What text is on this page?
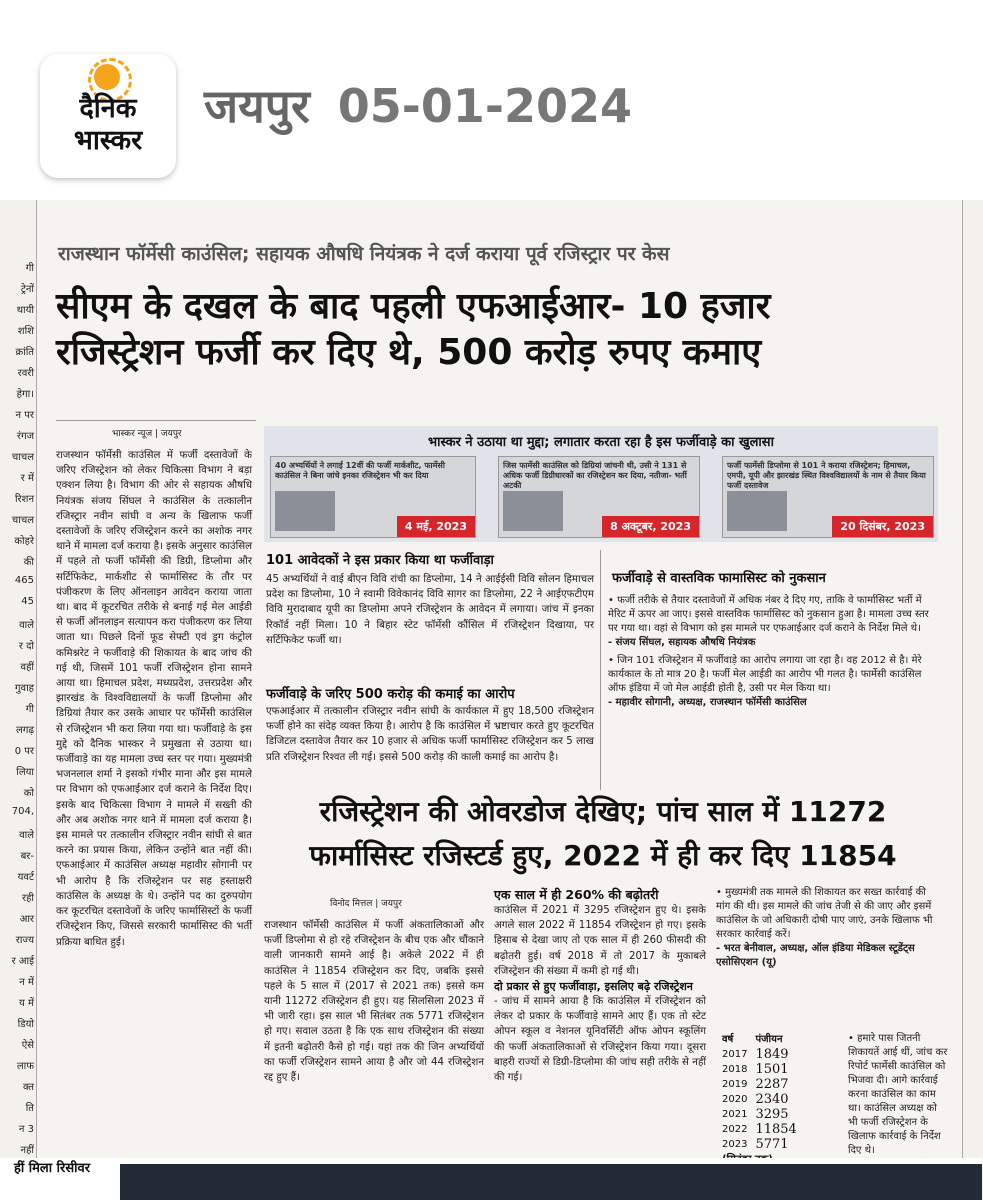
दैनिक
भास्कर
जयपुर 05-01-2024
गी
ट्रेनों
थायी
शशि
क्रांति
रवरी
हेगा।
न पर
रंगज
चाचल
र में
रिशन
चाचल
कोहरे
की
465
45
वाले
र दो
वहीं
गुवाह
गी
लगढ़
0 पर
लिया
को
704,
वाले
बर-
यवर्ट
रही
आर
राज्य
र आई
न में
य में
डियो
ऐसे
लाफ
क्त
ति
न 3
नहीं
राजस्थान फॉर्मेसी काउंसिल; सहायक औषधि नियंत्रक ने दर्ज कराया पूर्व रजिस्ट्रार पर केस
सीएम के दखल के बाद पहली एफआईआर- 10 हजार
रजिस्ट्रेशन फर्जी कर दिए थे, 500 करोड़ रुपए कमाए
भास्कर न्यूज | जयपुर
राजस्थान फॉर्मेसी काउंसिल में फर्जी दस्तावेजों के जरिए रजिस्ट्रेशन को लेकर चिकित्सा विभाग ने बड़ा एक्शन लिया है। विभाग की ओर से सहायक औषधि नियंत्रक संजय सिंघल ने काउंसिल के तत्कालीन रजिस्ट्रार नवीन सांघी व अन्य के खिलाफ फर्जी दस्तावेजों के जरिए रजिस्ट्रेशन करने का अशोक नगर थाने में मामला दर्ज कराया है। इसके अनुसार काउंसिल में पहले तो फर्जी फॉर्मेसी की डिग्री, डिप्लोमा और सर्टिफिकेट, मार्कशीट से फार्मासिस्ट के तौर पर पंजीकरण के लिए ऑनलाइन आवेदन कराया जाता था। बाद में कूटरचित तरीके से बनाई गई मेल आईडी से फर्जी ऑनलाइन सत्यापन करा पंजीकरण कर लिया जाता था। पिछले दिनों फूड सेफ्टी एवं ड्रग कंट्रोल कमिश्नरेट ने फर्जीवाड़े की शिकायत के बाद जांच की गई थी, जिसमें 101 फर्जी रजिस्ट्रेशन होना सामने आया था। हिमाचल प्रदेश, मध्यप्रदेश, उत्तरप्रदेश और झारखंड के विश्वविद्यालयों के फर्जी डिप्लोमा और डिग्रियां तैयार कर उसके आधार पर फॉर्मेसी काउंसिल से रजिस्ट्रेशन भी करा लिया गया था। फर्जीवाड़े के इस मुद्दे को दैनिक भास्कर ने प्रमुखता से उठाया था। फर्जीवाड़े का यह मामला उच्च स्तर पर गया। मुख्यमंत्री भजनलाल शर्मा ने इसको गंभीर माना और इस मामले पर विभाग को एफआईआर दर्ज कराने के निर्देश दिए। इसके बाद चिकित्सा विभाग ने मामले में सख्ती की और अब अशोक नगर थाने में मामला दर्ज कराया है। इस मामले पर तत्कालीन रजिस्ट्रार नवीन सांघी से बात करने का प्रयास किया, लेकिन उन्होंने बात नहीं की। एफआईआर में काउंसिल अध्यक्ष महावीर सोगानी पर भी आरोप है कि रजिस्ट्रेशन पर सह हस्ताक्षरी काउंसिल के अध्यक्ष के थे। उन्होंने पद का दुरुपयोग कर कूटरचित दस्तावेजों के जरिए फार्मासिस्टों के फर्जी रजिस्ट्रेशन किए, जिससे सरकारी फार्मासिस्ट की भर्ती प्रक्रिया बाधित हुई।
भास्कर ने उठाया था मुद्दा; लगातार करता रहा है इस फर्जीवाड़े का खुलासा
40 अभ्यर्थियों ने लगाई 12वीं की फर्जी मार्कशीट, फार्मेसी काउंसिल ने बिना जांचे इनका रजिस्ट्रेशन भी कर दिया
4 मई, 2023
जिस फार्मेसी काउंसिल को डिग्रियां जांचनी थी, उसी ने 131 से अधिक फर्जी डिग्रीधारकों का रजिस्ट्रेशन कर दिया, नतीजा- भर्ती अटकी
8 अक्टूबर, 2023
फर्जी फार्मेसी डिप्लोमा से 101 ने कराया रजिस्ट्रेशन; हिमाचल, एमपी, यूपी और झारखंड स्थित विश्वविद्यालयों के नाम से तैयार किया फर्जी दस्तावेज
20 दिसंबर, 2023
101 आवेदकों ने इस प्रकार किया था फर्जीवाड़ा
45 अभ्यर्थियों ने वाई बीएन विवि रांची का डिप्लोमा, 14 ने आईईसी विवि सोलन हिमाचल प्रदेश का डिप्लोमा, 10 ने स्वामी विवेकानंद विवि सागर का डिप्लोमा, 22 ने आईएफटीएम विवि मुरादाबाद यूपी का डिप्लोमा अपने रजिस्ट्रेशन के आवेदन में लगाया। जांच में इनका रिकॉर्ड नहीं मिला। 10 ने बिहार स्टेट फॉर्मेसी कौंसिल में रजिस्ट्रेशन दिखाया, पर सर्टिफिकेट फर्जी था।
फर्जीवाड़े के जरिए 500 करोड़ की कमाई का आरोप
एफआईआर में तत्कालीन रजिस्ट्रार नवीन सांघी के कार्यकाल में हुए 18,500 रजिस्ट्रेशन फर्जी होने का संदेह व्यक्त किया है। आरोप है कि काउंसिल में भ्रष्टाचार करते हुए कूटरचित डिजिटल दस्तावेज तैयार कर 10 हजार से अधिक फर्जी फार्मासिस्ट रजिस्ट्रेशन कर 5 लाख प्रति रजिस्ट्रेशन रिश्वत ली गई। इससे 500 करोड़ की काली कमाई का आरोप है।
फर्जीवाड़े से वास्तविक फामासिस्ट को नुकसान
• फर्जी तरीके से तैयार दस्तावेजों में अधिक नंबर दे दिए गए, ताकि वे फार्मासिस्ट भर्ती में मेरिट में ऊपर आ जाए। इससे वास्तविक फार्मासिस्ट को नुकसान हुआ है। मामला उच्च स्तर पर गया था। वहां से विभाग को इस मामले पर एफआईआर दर्ज कराने के निर्देश मिले थे।
- संजय सिंघल, सहायक औषधि नियंत्रक
• जिन 101 रजिस्ट्रेशन में फर्जीवाड़े का आरोप लगाया जा रहा है। वह 2012 से है। मेरे कार्यकाल के तो मात्र 20 है। फर्जी मेल आईडी का आरोप भी गलत है। फार्मेसी काउंसिल ऑफ इंडिया में जो मेल आईडी होती है, उसी पर मेल किया था।
- महावीर सोगानी, अध्यक्ष, राजस्थान फॉर्मेसी काउंसिल
रजिस्ट्रेशन की ओवरडोज देखिए; पांच साल में 11272
फार्मासिस्ट रजिस्टर्ड हुए, 2022 में ही कर दिए 11854
विनोद मित्तल | जयपुर
राजस्थान फॉर्मेसी काउंसिल में फर्जी अंकतालिकाओं और फर्जी डिप्लोमा से हो रहे रजिस्ट्रेशन के बीच एक और चौंकाने वाली जानकारी सामने आई है। अकेले 2022 में ही काउंसिल ने 11854 रजिस्ट्रेशन कर दिए, जबकि इससे पहले के 5 साल में (2017 से 2021 तक) इससे कम यानी 11272 रजिस्ट्रेशन ही हुए। यह सिलसिला 2023 में भी जारी रहा। इस साल भी सितंबर तक 5771 रजिस्ट्रेशन हो गए। सवाल उठता है कि एक साथ रजिस्ट्रेशन की संख्या में इतनी बढ़ोतरी कैसे हो गई। यहां तक की जिन अभ्यर्थियों का फर्जी रजिस्ट्रेशन सामने आया है और जो 44 रजिस्ट्रेशन रद्द हुए हैं।
एक साल में ही 260% की बढ़ोतरी
काउंसिल में 2021 में 3295 रजिस्ट्रेशन हुए थे। इसके अगले साल 2022 में 11854 रजिस्ट्रेशन हो गए। इसके हिसाब से देखा जाए तो एक साल में ही 260 फीसदी की बढ़ोतरी हुई। वर्ष 2018 में तो 2017 के मुकाबले रजिस्ट्रेशन की संख्या में कमी हो गई थी।
दो प्रकार से हुए फर्जीवाड़ा, इसलिए बढ़े रजिस्ट्रेशन
- जांच में सामने आया है कि काउंसिल में रजिस्ट्रेशन को लेकर दो प्रकार के फर्जीवाड़े सामने आए हैं। एक तो स्टेट ओपन स्कूल व नेशनल यूनिवर्सिटी ऑफ ओपन स्कूलिंग की फर्जी अंकतालिकाओं से रजिस्ट्रेशन किया गया। दूसरा बाहरी राज्यों से डिग्री-डिप्लोमा की जांच सही तरीके से नहीं की गई।
• मुख्यमंत्री तक मामले की शिकायत कर सख्त कार्रवाई की मांग की थी। इस मामले की जांच तेजी से की जाए और इसमें काउंसिल के जो अधिकारी दोषी पाए जाएं, उनके खिलाफ भी सरकार कार्रवाई करें।
- भरत बेनीवाल, अध्यक्ष, ऑल इंडिया मेडिकल स्टूडेंट्स एसोसिएशन (यू)
वर्ष	पंजीयन
2017	1849
2018	1501
2019	2287
2020	2340
2021	3295
2022	11854
2023	5771

• हमारे पास जितनी शिकायतें आई थीं, जांच कर रिपोर्ट फार्मेसी काउंसिल को भिजवा दी। आगे कार्रवाई करना काउंसिल का काम था। काउंसिल अध्यक्ष को भी फर्जी रजिस्ट्रेशन के खिलाफ कार्रवाई के निर्देश दिए थे।
हीं मिला रिसीवर
